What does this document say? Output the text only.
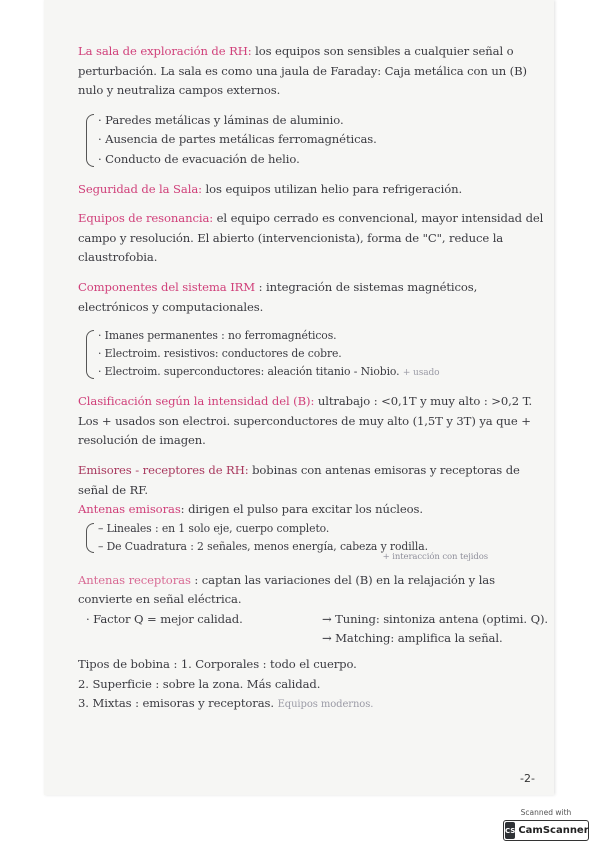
La sala de exploración de RH: los equipos son sensibles a cualquier señal o perturbación. La sala es como una jaula de Faraday: Caja metálica con un (B) nulo y neutraliza campos externos.
· Paredes metálicas y láminas de aluminio.
· Ausencia de partes metálicas ferromagnéticas.
· Conducto de evacuación de helio.
Seguridad de la Sala: los equipos utilizan helio para refrigeración.
Equipos de resonancia: el equipo cerrado es convencional, mayor intensidad del campo y resolución. El abierto (intervencionista), forma de "C", reduce la claustrofobia.
Componentes del sistema IRM : integración de sistemas magnéticos, electrónicos y computacionales.
· Imanes permanentes : no ferromagnéticos.
· Electroim. resistivos: conductores de cobre.
· Electroim. superconductores: aleación titanio - Niobio. + usado
Clasificación según la intensidad del (B): ultrabajo : <0,1T y muy alto : >0,2 T. Los + usados son electroi. superconductores de muy alto (1,5T y 3T) ya que + resolución de imagen.
Emisores - receptores de RH: bobinas con antenas emisoras y receptoras de señal de RF.
Antenas emisoras: dirigen el pulso para excitar los núcleos.
– Lineales : en 1 solo eje, cuerpo completo.
– De Cuadratura : 2 señales, menos energía, cabeza y rodilla.
+ interacción con tejidos
Antenas receptoras : captan las variaciones del (B) en la relajación y las convierte en señal eléctrica.
· Factor Q = mejor calidad.	→ Tuning: sintoniza antena (optimi. Q).
→ Matching: amplifica la señal.
Tipos de bobina : 1. Corporales : todo el cuerpo.
2. Superficie : sobre la zona. Más calidad.
3. Mixtas : emisoras y receptoras. Equipos modernos.
-2-
Scanned with
CS CamScanner
